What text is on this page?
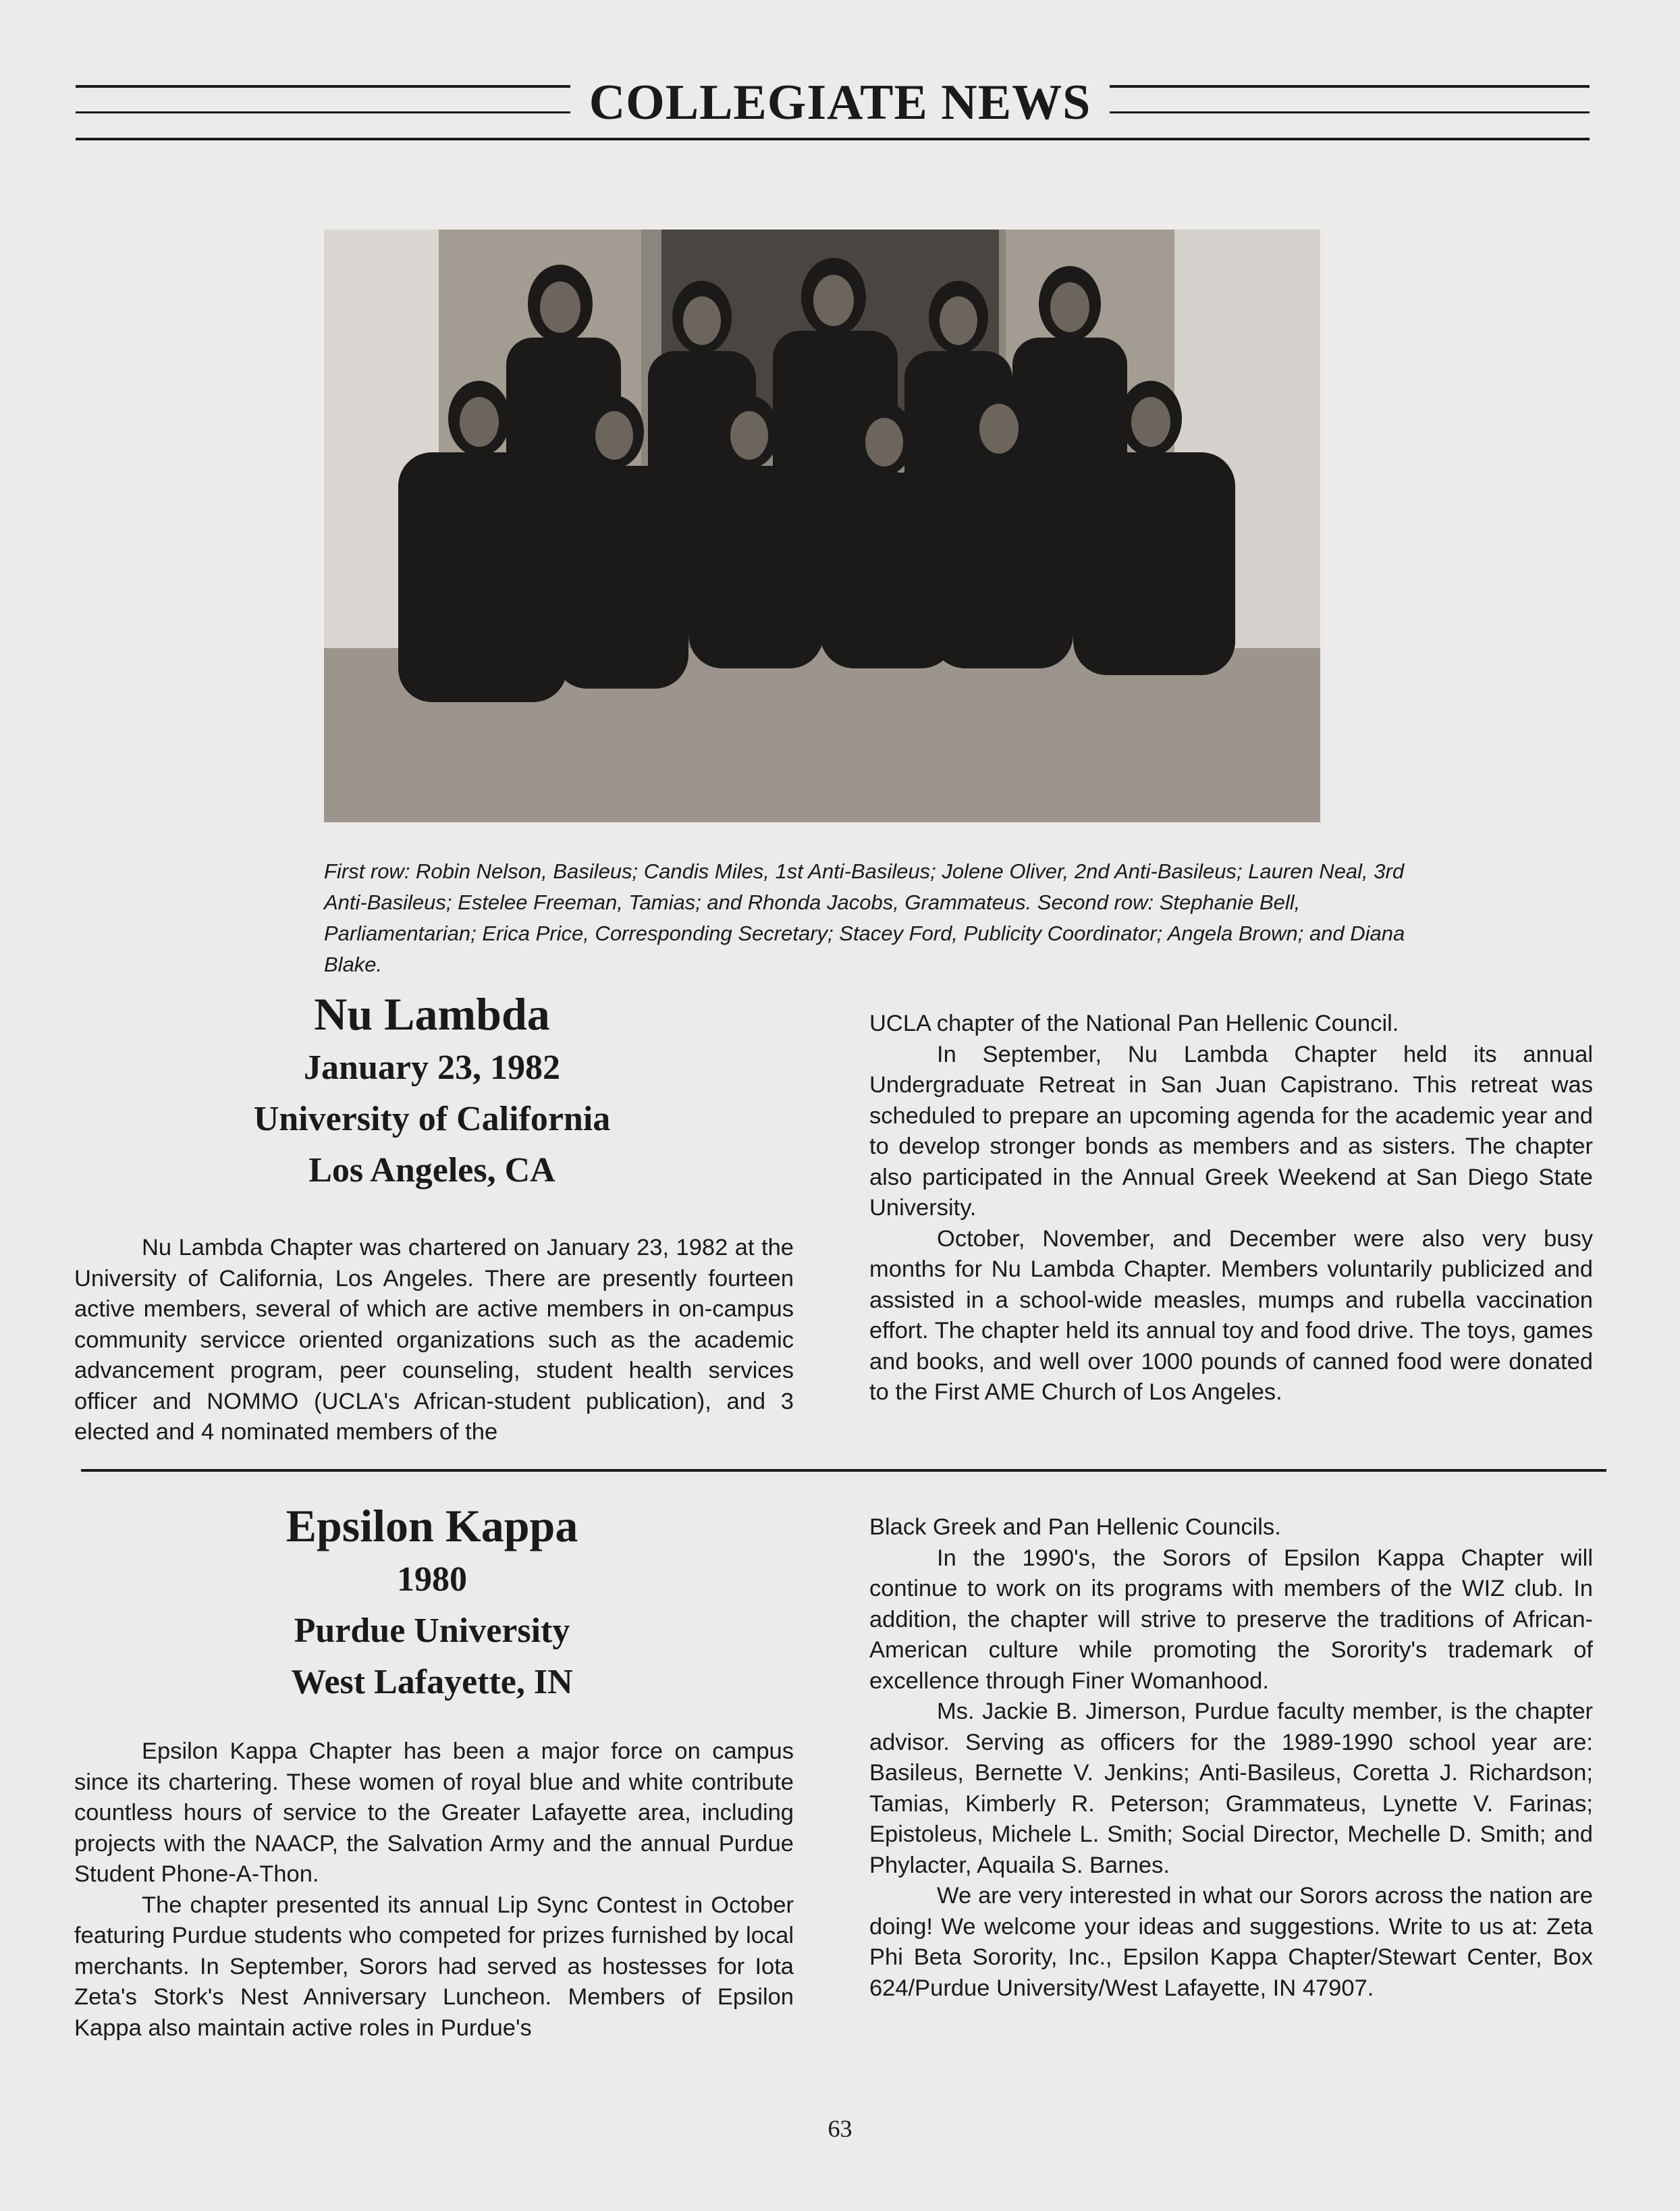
COLLEGIATE NEWS
First row: Robin Nelson, Basileus; Candis Miles, 1st Anti-Basileus; Jolene Oliver, 2nd Anti-Basileus; Lauren Neal, 3rd Anti-Basileus; Estelee Freeman, Tamias; and Rhonda Jacobs, Grammateus. Second row: Stephanie Bell, Parliamentarian; Erica Price, Corresponding Secretary; Stacey Ford, Publicity Coordinator; Angela Brown; and Diana Blake.
Nu Lambda
January 23, 1982
University of California
Los Angeles, CA

Nu Lambda Chapter was chartered on January 23, 1982 at the University of California, Los Angeles. There are presently fourteen active members, several of which are active members in on-campus community servicce oriented organizations such as the academic advancement program, peer counseling, student health services officer and NOMMO (UCLA's African-student publication), and 3 elected and 4 nominated members of the

UCLA chapter of the National Pan Hellenic Council.

In September, Nu Lambda Chapter held its annual Undergraduate Retreat in San Juan Capistrano. This retreat was scheduled to prepare an upcoming agenda for the academic year and to develop stronger bonds as members and as sisters. The chapter also participated in the Annual Greek Weekend at San Diego State University.

October, November, and December were also very busy months for Nu Lambda Chapter. Members voluntarily publicized and assisted in a school-wide measles, mumps and rubella vaccination effort. The chapter held its annual toy and food drive. The toys, games and books, and well over 1000 pounds of canned food were donated to the First AME Church of Los Angeles.

Epsilon Kappa
1980
Purdue University
West Lafayette, IN

Epsilon Kappa Chapter has been a major force on campus since its chartering. These women of royal blue and white contribute countless hours of service to the Greater Lafayette area, including projects with the NAACP, the Salvation Army and the annual Purdue Student Phone-A-Thon.

The chapter presented its annual Lip Sync Contest in October featuring Purdue students who competed for prizes furnished by local merchants. In September, Sorors had served as hostesses for Iota Zeta's Stork's Nest Anniversary Luncheon. Members of Epsilon Kappa also maintain active roles in Purdue's

Black Greek and Pan Hellenic Councils.

In the 1990's, the Sorors of Epsilon Kappa Chapter will continue to work on its programs with members of the WIZ club. In addition, the chapter will strive to preserve the traditions of African-American culture while promoting the Sorority's trademark of excellence through Finer Womanhood.

Ms. Jackie B. Jimerson, Purdue faculty member, is the chapter advisor. Serving as officers for the 1989-1990 school year are: Basileus, Bernette V. Jenkins; Anti-Basileus, Coretta J. Richardson; Tamias, Kimberly R. Peterson; Grammateus, Lynette V. Farinas; Epistoleus, Michele L. Smith; Social Director, Mechelle D. Smith; and Phylacter, Aquaila S. Barnes.

We are very interested in what our Sorors across the nation are doing! We welcome your ideas and suggestions. Write to us at: Zeta Phi Beta Sorority, Inc., Epsilon Kappa Chapter/Stewart Center, Box 624/Purdue University/West Lafayette, IN 47907.

63
